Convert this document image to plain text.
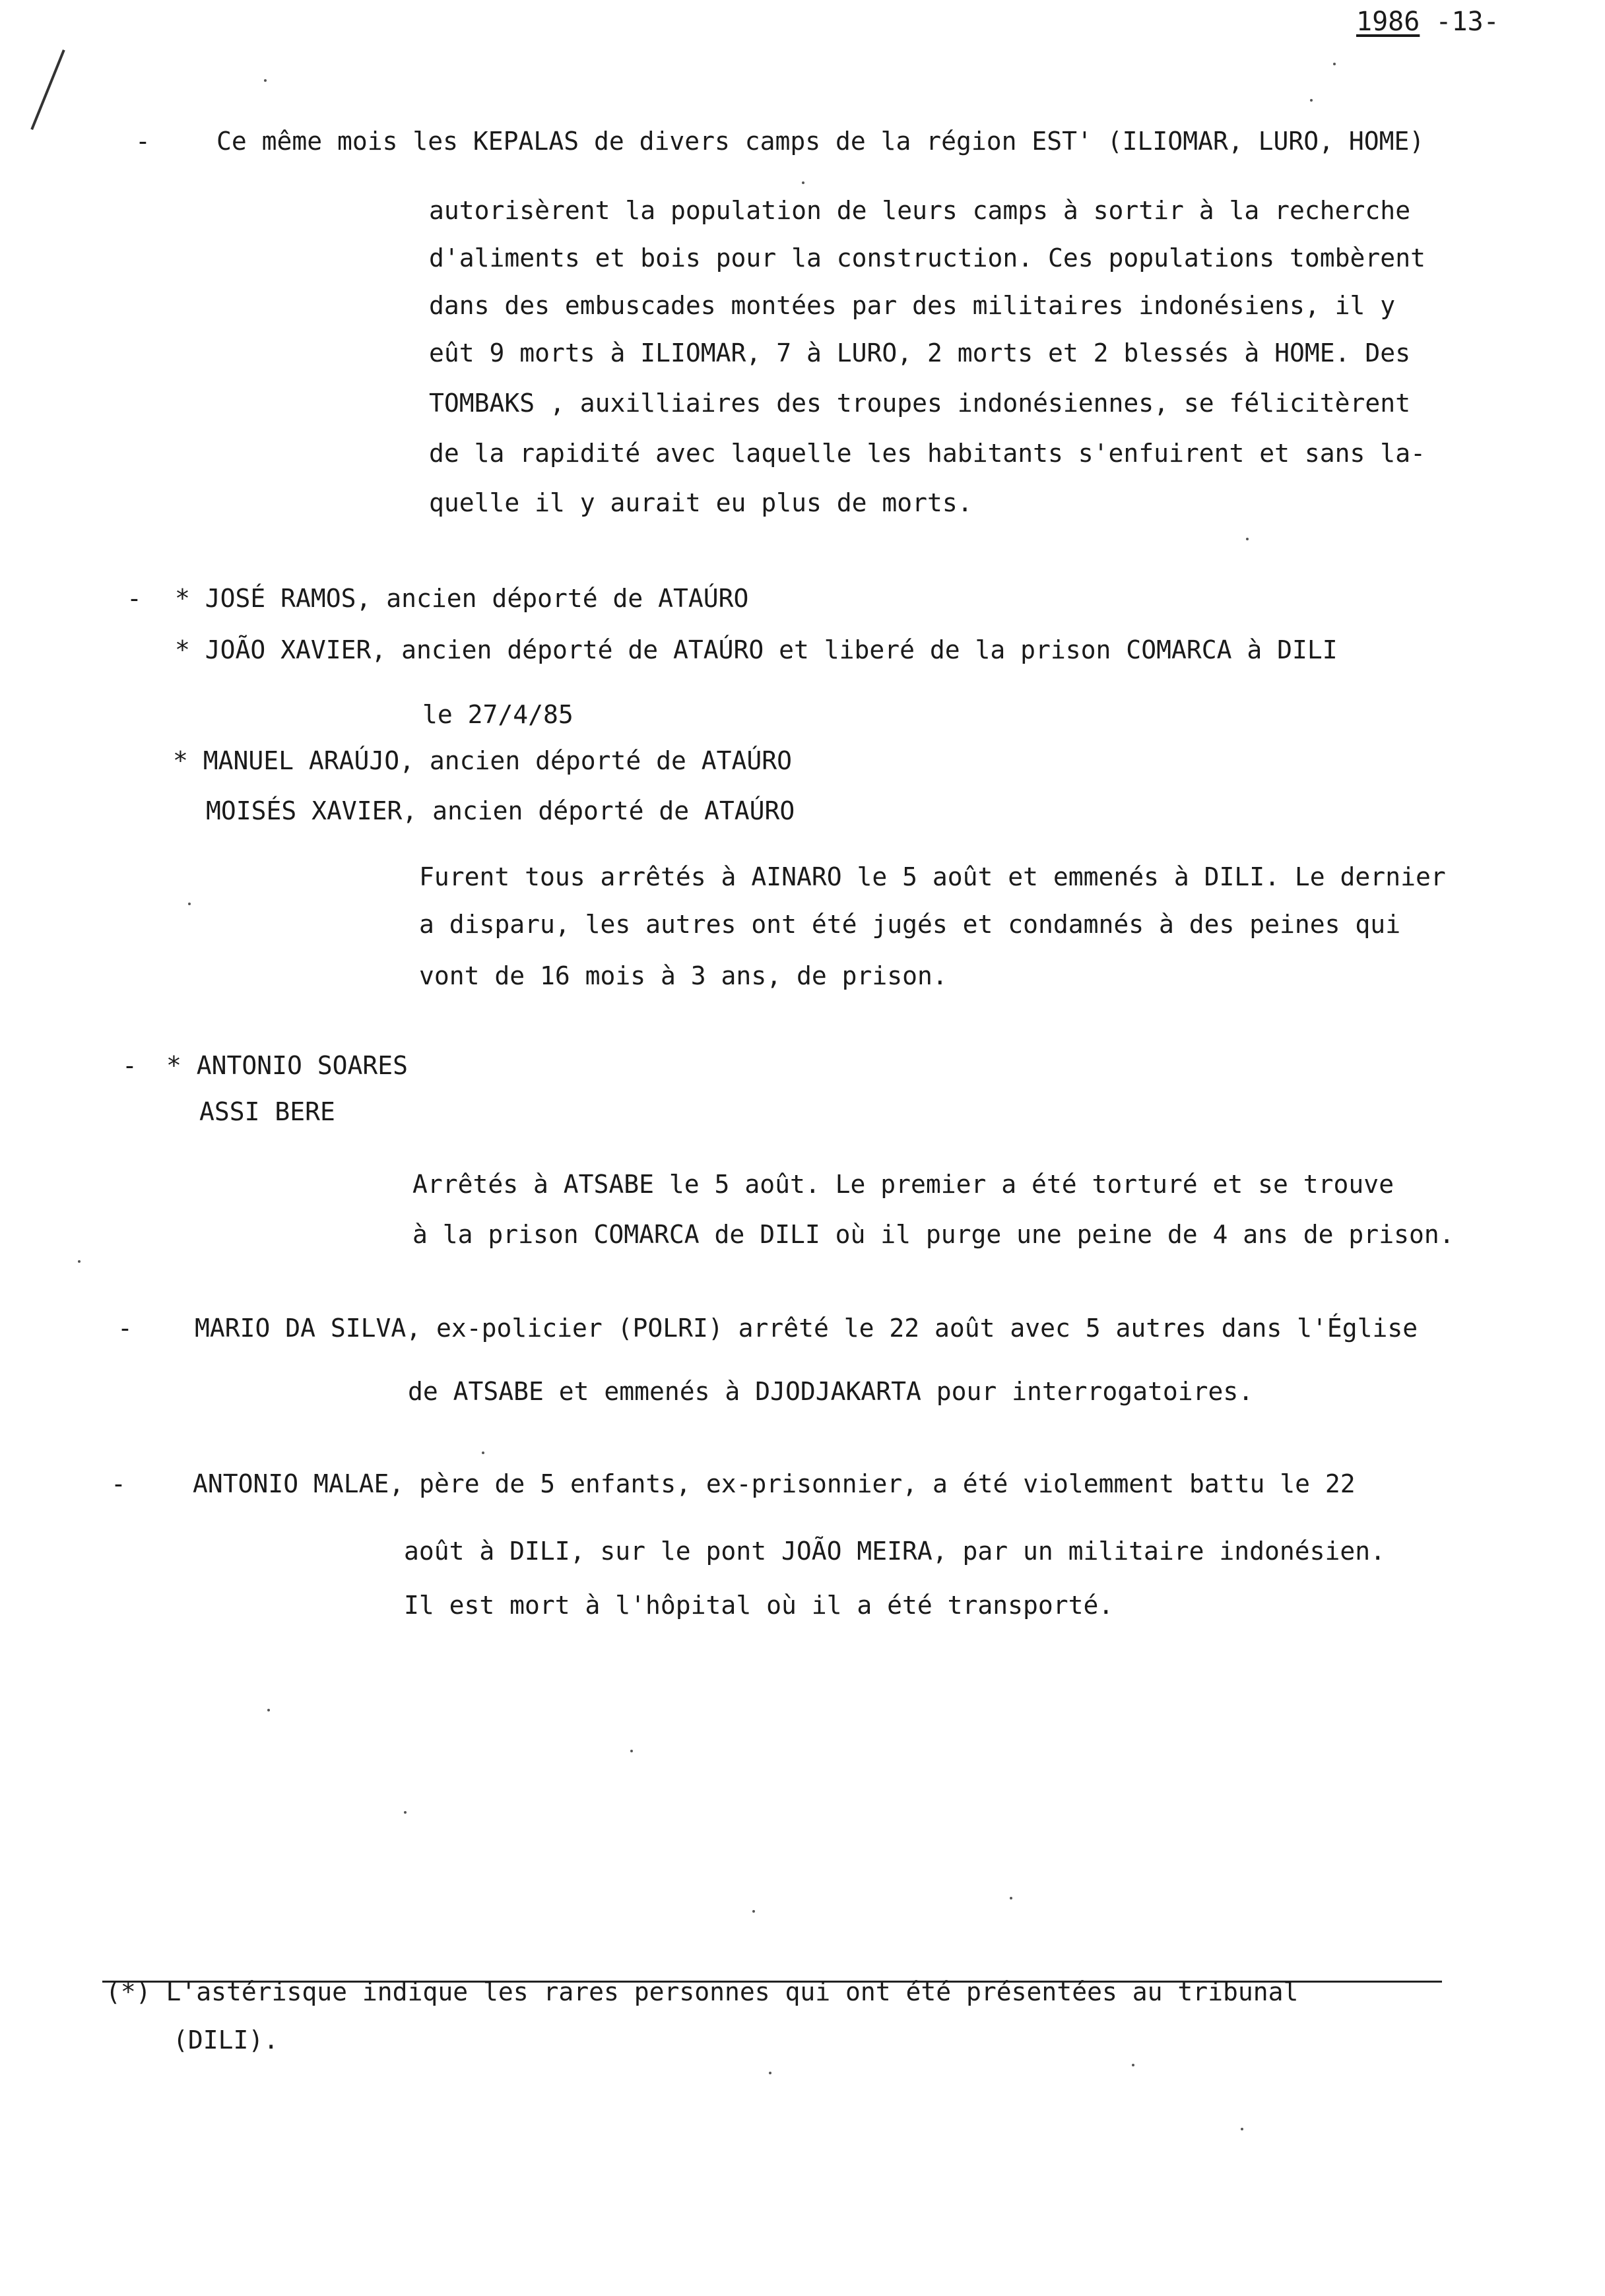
1986 -13-
-	Ce même mois les KEPALAS de divers camps de la région EST' (ILIOMAR, LURO, HOME)
autorisèrent la population de leurs camps à sortir à la recherche
d'aliments et bois pour la construction. Ces populations tombèrent
dans des embuscades montées par des militaires indonésiens, il y
eût 9 morts à ILIOMAR, 7 à LURO, 2 morts et 2 blessés à HOME. Des
TOMBAKS , auxilliaires des troupes indonésiennes, se félicitèrent
de la rapidité avec laquelle les habitants s'enfuirent et sans la-
quelle il y aurait eu plus de morts.
- * JOSÉ RAMOS, ancien déporté de ATAÚRO
* JOÃO XAVIER, ancien déporté de ATAÚRO et liberé de la prison COMARCA à DILI
le 27/4/85
* MANUEL ARAÚJO, ancien déporté de ATAÚRO
MOISÉS XAVIER, ancien déporté de ATAÚRO
Furent tous arrêtés à AINARO le 5 août et emmenés à DILI. Le dernier
a disparu, les autres ont été jugés et condamnés à des peines qui
vont de 16 mois à 3 ans, de prison.
- * ANTONIO SOARES
ASSI BERE
Arrêtés à ATSABE le 5 août. Le premier a été torturé et se trouve
à la prison COMARCA de DILI où il purge une peine de 4 ans de prison.
- MARIO DA SILVA, ex-policier (POLRI) arrêté le 22 août avec 5 autres dans l'Église
de ATSABE et emmenés à DJODJAKARTA pour interrogatoires.
-	ANTONIO MALAE, père de 5 enfants, ex-prisonnier, a été violemment battu le 22
août à DILI, sur le pont JOÃO MEIRA, par un militaire indonésien.
Il est mort à l'hôpital où il a été transporté.
(*) L'astérisque indique les rares personnes qui ont été présentées au tribunal
(DILI).
